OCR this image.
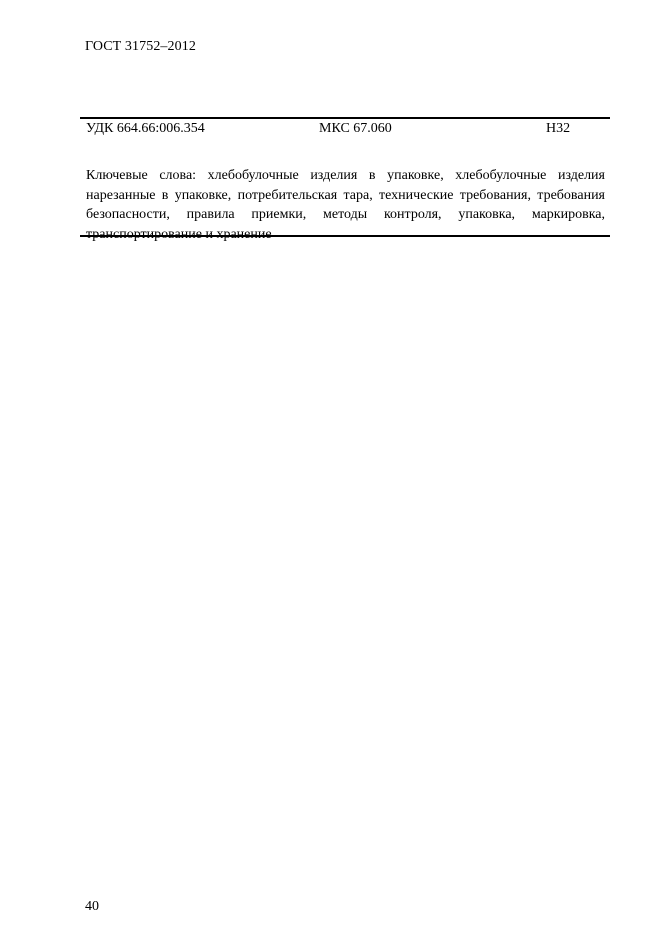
ГОСТ 31752–2012
УДК 664.66:006.354	МКС 67.060	Н32

Ключевые слова: хлебобулочные изделия в упаковке, хлебобулочные изделия нарезанные в упаковке, потребительская тара, технические требования, требования безопасности, правила приемки, методы контроля, упаковка, маркировка, транспортирование и хранение

40
